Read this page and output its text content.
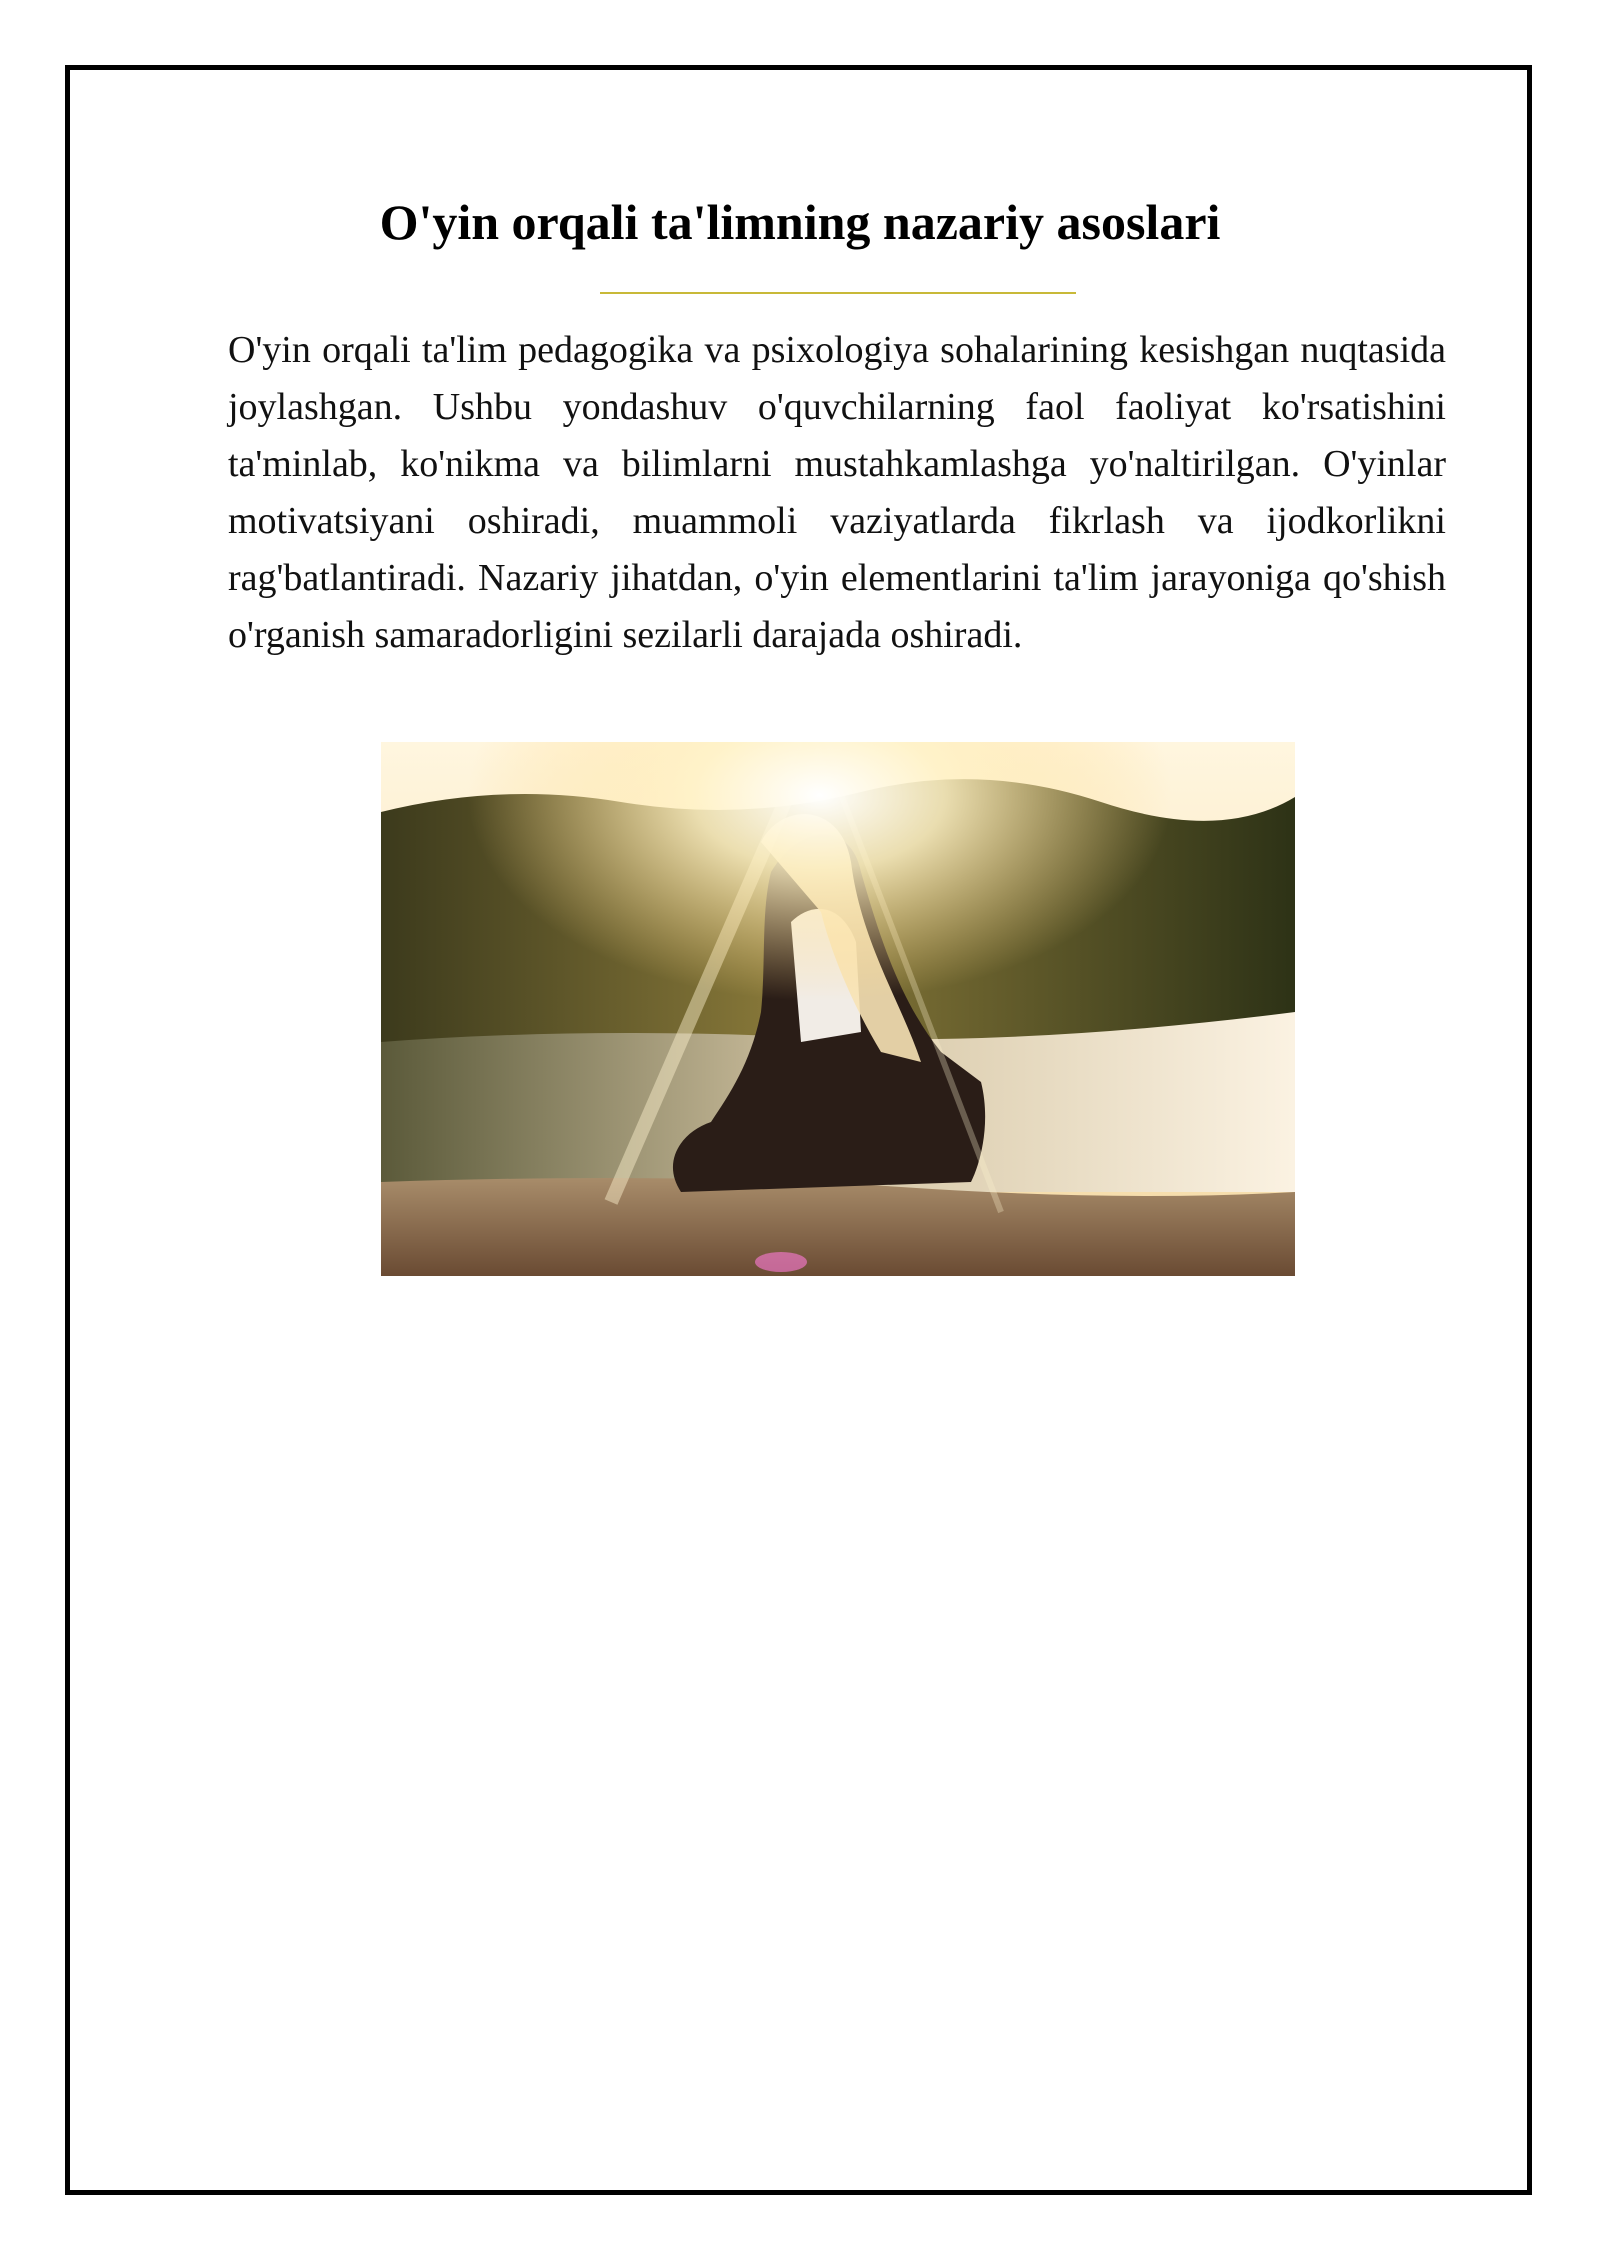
O'yin orqali ta'limning nazariy asoslari

O'yin orqali ta'lim pedagogika va psixologiya sohalarining kesishgan nuqtasida joylashgan. Ushbu yondashuv o'quvchilarning faol faoliyat ko'rsatishini ta'minlab, ko'nikma va bilimlarni mustahkamlashga yo'naltirilgan. O'yinlar motivatsiyani oshiradi, muammoli vaziyatlarda fikrlash va ijodkorlikni rag'batlantiradi. Nazariy jihatdan, o'yin elementlarini ta'lim jarayoniga qo'shish o'rganish samaradorligini sezilarli darajada oshiradi.
